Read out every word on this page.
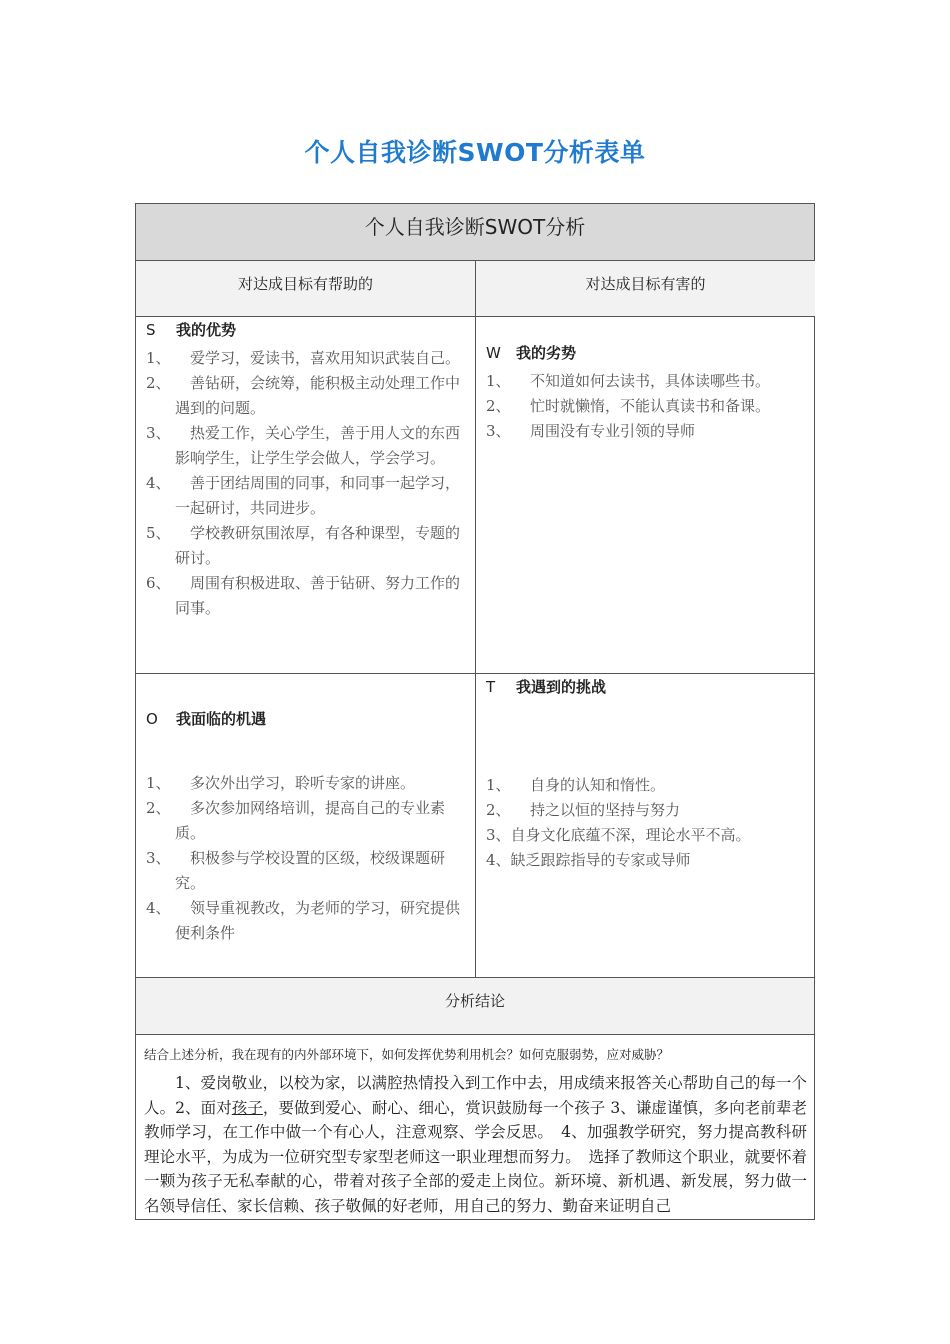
个人自我诊断SWOT分析表单
个人自我诊断SWOT分析
对达成目标有帮助的	对达成目标有害的
S 我的优势
1、 　爱学习，爱读书，喜欢用知识武装自己。
2、 　善钻研，会统筹，能积极主动处理工作中遇到的问题。
3、 　热爱工作，关心学生，善于用人文的东西影响学生，让学生学会做人，学会学习。
4、 　善于团结周围的同事，和同事一起学习，一起研讨，共同进步。
5、 　学校教研氛围浓厚，有各种课型，专题的研讨。
6、 　周围有积极进取、善于钻研、努力工作的同事。
W 我的劣势
1、 　不知道如何去读书，具体读哪些书。
2、 　忙时就懒惰，不能认真读书和备课。
3、 　周围没有专业引领的导师
O 我面临的机遇
1、 　多次外出学习，聆听专家的讲座。
2、 　多次参加网络培训，提高自己的专业素质。
3、 　积极参与学校设置的区级，校级课题研究。
4、 　领导重视教改，为老师的学习，研究提供便利条件
T 我遇到的挑战
1、 　自身的认知和惰性。
2、 　持之以恒的坚持与努力
3、自身文化底蕴不深，理论水平不高。
4、缺乏跟踪指导的专家或导师
分析结论
结合上述分析，我在现有的内外部环境下，如何发挥优势利用机会？如何克服弱势，应对威胁？
1、爱岗敬业，以校为家，以满腔热情投入到工作中去，用成绩来报答关心帮助自己的每一个人。2、面对孩子，要做到爱心、耐心、细心，赏识鼓励每一个孩子 3、谦虚谨慎，多向老前辈老教师学习，在工作中做一个有心人，注意观察、学会反思。　4、加强教学研究，努力提高教科研理论水平，为成为一位研究型专家型老师这一职业理想而努力。　选择了教师这个职业，就要怀着一颗为孩子无私奉献的心，带着对孩子全部的爱走上岗位。新环境、新机遇、新发展，努力做一名领导信任、家长信赖、孩子敬佩的好老师，用自己的努力、勤奋来证明自己
